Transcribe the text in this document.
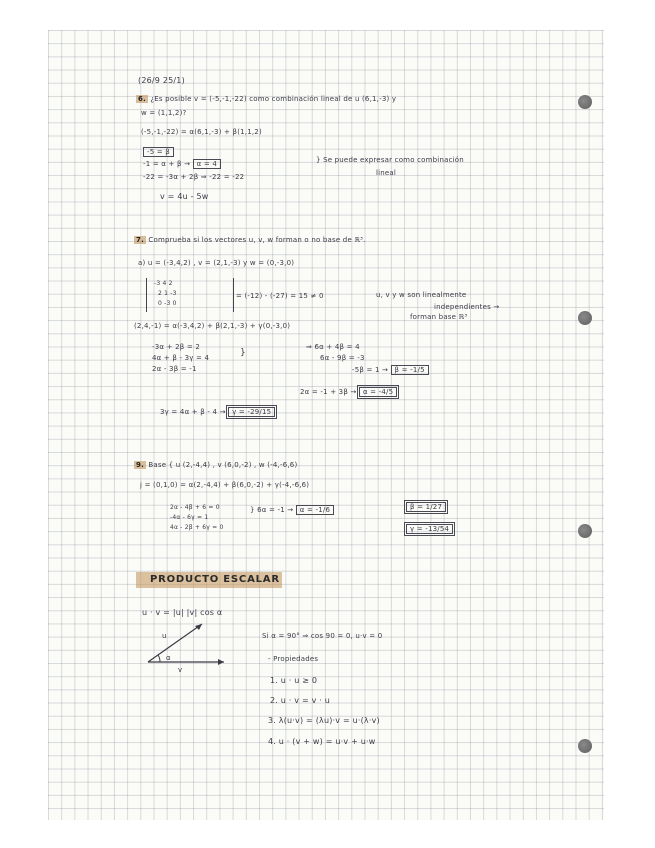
(26/9 25/1)
6. ¿Es posible v = (-5,-1,-22) como combinación lineal de u (6,1,-3) y
w = (1,1,2)?
(-5,-1,-22) = α(6,1,-3) + β(1,1,2)
-5 = β
-1 = α + β → α = 4
-22 = -3α + 2β ⇒ -22 = -22
} Se puede expresar como combinación
lineal
v = 4u - 5w
7. Comprueba si los vectores u, v, w forman o no base de ℝ³.
a) u = (-3,4,2) , v = (2,1,-3) y w = (0,-3,0)
-3 4 2
2 1 -3
0 -3 0
= (-12) - (-27) = 15 ≠ 0	u, v y w son linealmente
independientes →
forman base ℝ³
(2,4,-1) = α(-3,4,2) + β(2,1,-3) + γ(0,-3,0)
-3α + 2β = 2
4α + β - 3γ = 4
2α - 3β = -1
}
⇒ 6α + 4β = 4
6α - 9β = -3
-5β = 1 → β = -1/5
2α = -1 + 3β → α = -4/5
3γ = 4α + β - 4 → γ = -29/15
9. Base { u (2,-4,4) , v (6,0,-2) , w (-4,-6,6)
j = (0,1,0) = α(2,-4,4) + β(6,0,-2) + γ(-4,-6,6)
2α - 4β + 6 = 0
-4α - 6γ = 1
4α - 2β + 6γ = 0
} 6α = -1 → α = -1/6	β = 1/27
γ = -13/54
PRODUCTO ESCALAR
u · v = |u| |v| cos α
u
v
α
Si α = 90° ⇒ cos 90 = 0, u·v = 0
- Propiedades
1. u · u ≥ 0
2. u · v = v · u
3. λ(u·v) = (λu)·v = u·(λ·v)
4. u · (v + w) = u·v + u·w
